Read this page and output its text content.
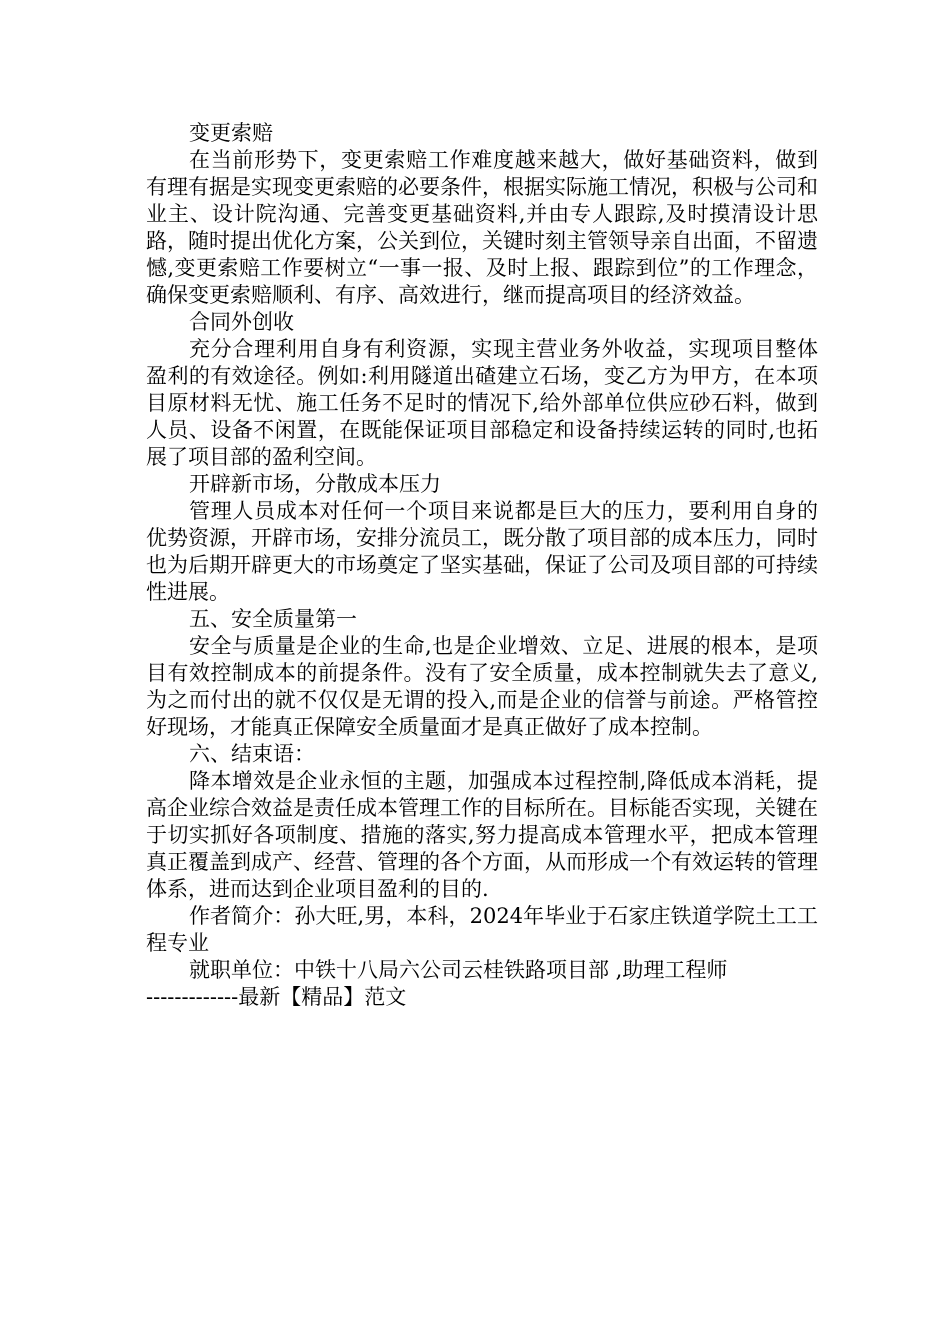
变更索赔

在当前形势下，变更索赔工作难度越来越大，做好基础资料，做到有理有据是实现变更索赔的必要条件，根据实际施工情况，积极与公司和业主、设计院沟通、完善变更基础资料,并由专人跟踪,及时摸清设计思路，随时提出优化方案，公关到位，关键时刻主管领导亲自出面，不留遗憾,变更索赔工作要树立“一事一报、及时上报、跟踪到位”的工作理念，确保变更索赔顺利、有序、高效进行，继而提高项目的经济效益。

合同外创收

充分合理利用自身有利资源，实现主营业务外收益，实现项目整体盈利的有效途径。例如:利用隧道出碴建立石场，变乙方为甲方，在本项目原材料无忧、施工任务不足时的情况下,给外部单位供应砂石料，做到人员、设备不闲置，在既能保证项目部稳定和设备持续运转的同时,也拓展了项目部的盈利空间。

开辟新市场，分散成本压力

管理人员成本对任何一个项目来说都是巨大的压力，要利用自身的优势资源，开辟市场，安排分流员工，既分散了项目部的成本压力，同时也为后期开辟更大的市场奠定了坚实基础，保证了公司及项目部的可持续性进展。

五、安全质量第一

安全与质量是企业的生命,也是企业增效、立足、进展的根本，是项目有效控制成本的前提条件。没有了安全质量，成本控制就失去了意义,为之而付出的就不仅仅是无谓的投入,而是企业的信誉与前途。严格管控好现场，才能真正保障安全质量面才是真正做好了成本控制。

六、结束语：

降本增效是企业永恒的主题，加强成本过程控制,降低成本消耗，提高企业综合效益是责任成本管理工作的目标所在。目标能否实现，关键在于切实抓好各项制度、措施的落实,努力提高成本管理水平，把成本管理真正覆盖到成产、经营、管理的各个方面，从而形成一个有效运转的管理体系，进而达到企业项目盈利的目的.

作者简介：孙大旺,男，本科，2024年毕业于石家庄铁道学院土工工程专业

就职单位：中铁十八局六公司云桂铁路项目部 ,助理工程师

-------------最新【精品】范文
